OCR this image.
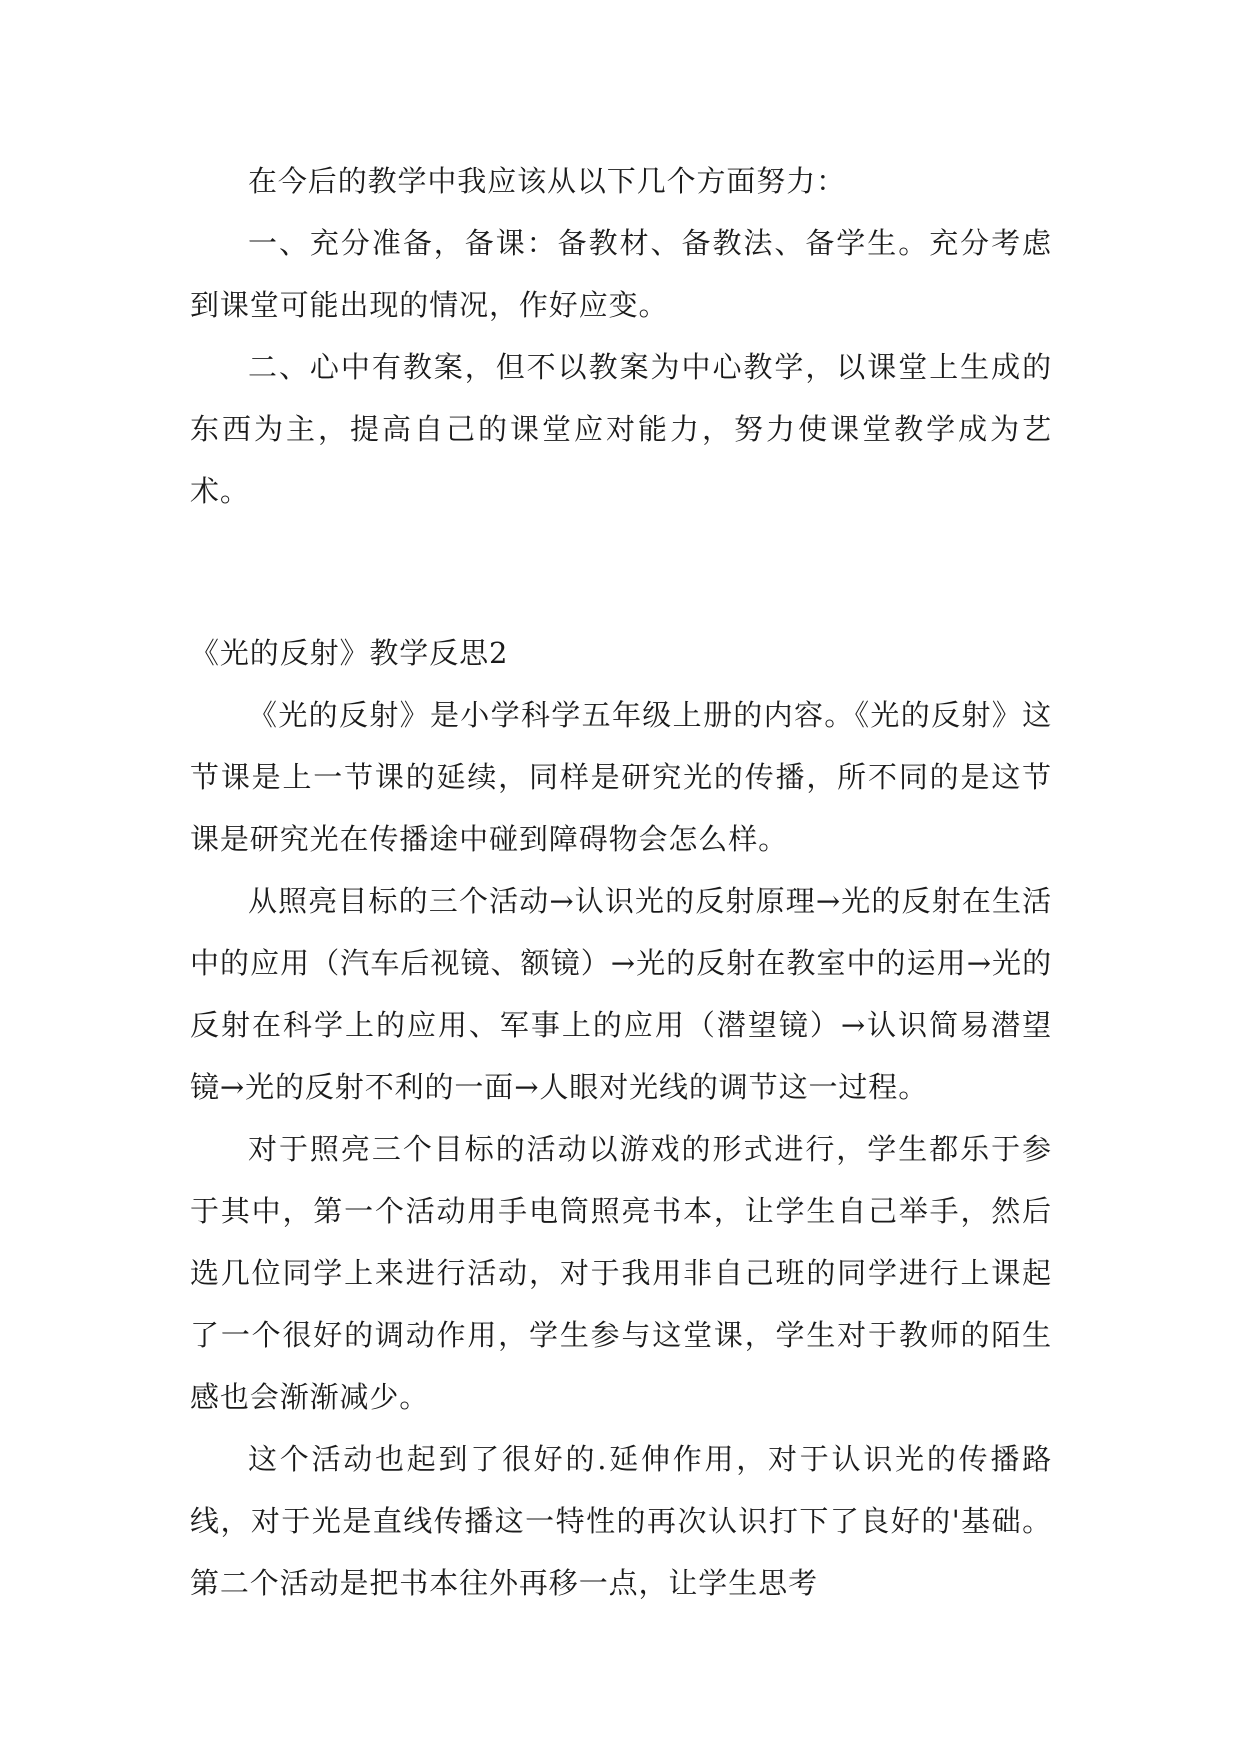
在今后的教学中我应该从以下几个方面努力：

一、充分准备，备课：备教材、备教法、备学生。充分考虑到课堂可能出现的情况，作好应变。

二、心中有教案，但不以教案为中心教学，以课堂上生成的东西为主，提高自己的课堂应对能力，努力使课堂教学成为艺术。

《光的反射》教学反思2

《光的反射》是小学科学五年级上册的内容。《光的反射》这节课是上一节课的延续，同样是研究光的传播，所不同的是这节课是研究光在传播途中碰到障碍物会怎么样。

从照亮目标的三个活动→认识光的反射原理→光的反射在生活中的应用（汽车后视镜、额镜）→光的反射在教室中的运用→光的反射在科学上的应用、军事上的应用（潜望镜）→认识简易潜望镜→光的反射不利的一面→人眼对光线的调节这一过程。

对于照亮三个目标的活动以游戏的形式进行，学生都乐于参于其中，第一个活动用手电筒照亮书本，让学生自己举手，然后选几位同学上来进行活动，对于我用非自己班的同学进行上课起了一个很好的调动作用，学生参与这堂课，学生对于教师的陌生感也会渐渐减少。

这个活动也起到了很好的.延伸作用，对于认识光的传播路线，对于光是直线传播这一特性的再次认识打下了良好的'基础。第二个活动是把书本往外再移一点，让学生思考
